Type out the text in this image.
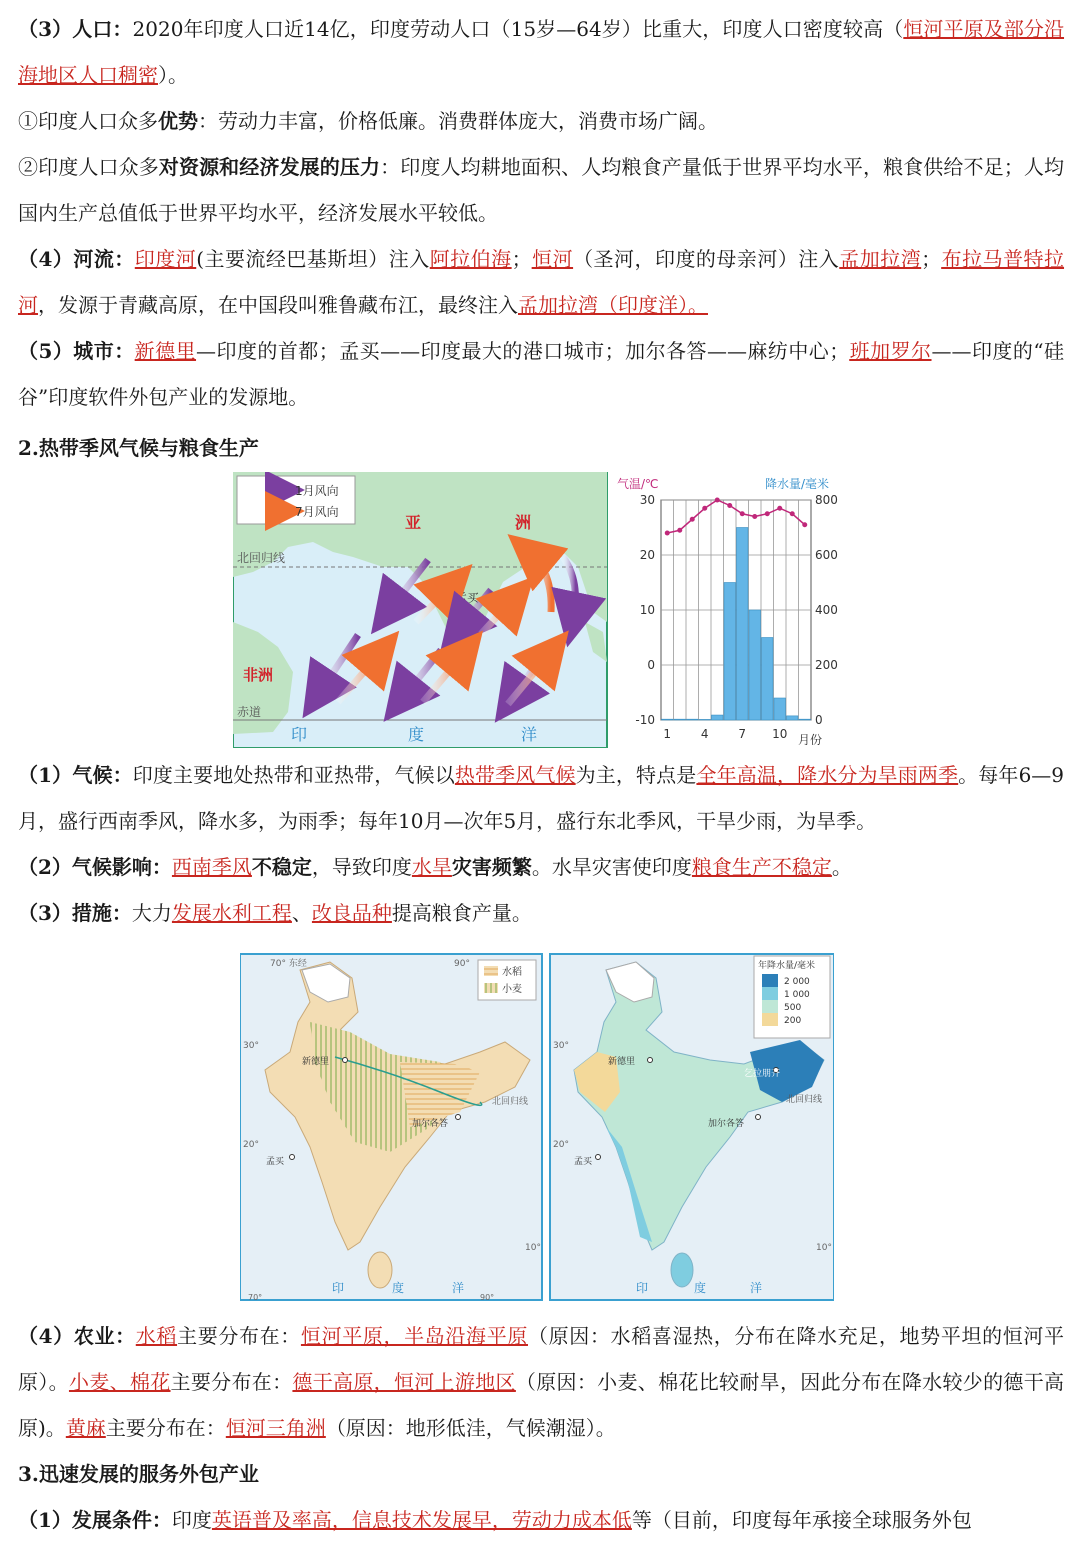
（3）人口：2020年印度人口近14亿，印度劳动人口（15岁—64岁）比重大，印度人口密度较高（恒河平原及部分沿海地区人口稠密）。

①印度人口众多优势：劳动力丰富，价格低廉。消费群体庞大，消费市场广阔。

②印度人口众多对资源和经济发展的压力：印度人均耕地面积、人均粮食产量低于世界平均水平，粮食供给不足；人均国内生产总值低于世界平均水平，经济发展水平较低。

（4）河流：印度河(主要流经巴基斯坦）注入阿拉伯海；恒河（圣河，印度的母亲河）注入孟加拉湾；布拉马普特拉河，发源于青藏高原，在中国段叫雅鲁藏布江，最终注入孟加拉湾（印度洋）。

（5）城市：新德里—印度的首都；孟买——印度最大的港口城市；加尔各答——麻纺中心；班加罗尔——印度的“硅谷”印度软件外包产业的发源地。

2.热带季风气候与粮食生产

1月风向
7月风向
亚	洲
非洲
北回归线
赤道
孟买
印	度	洋
气温/℃	降水量/毫米
月份
-10
0
10
20
30
0
200
400
600
800
1 4 7 10

（1）气候：印度主要地处热带和亚热带，气候以热带季风气候为主，特点是全年高温，降水分为旱雨两季。每年6—9月，盛行西南季风，降水多，为雨季；每年10月—次年5月，盛行东北季风，干旱少雨，为旱季。

（2）气候影响：西南季风不稳定，导致印度水旱灾害频繁。水旱灾害使印度粮食生产不稳定。

（3）措施：大力发展水利工程、改良品种提高粮食产量。

水稻
小麦
70° 东经	90°
30°
20°
10°
新德里
加尔各答
孟买
北回归线
印	度	洋
70°	90°
年降水量/毫米
2 000
1 000
500
200
新德里
加尔各答
孟买
乞拉朋齐
北回归线
30°
20°
10°
印	度	洋

（4）农业：水稻主要分布在：恒河平原，半岛沿海平原（原因：水稻喜湿热，分布在降水充足，地势平坦的恒河平原）。小麦、棉花主要分布在：德干高原，恒河上游地区（原因：小麦、棉花比较耐旱，因此分布在降水较少的德干高原)。黄麻主要分布在：恒河三角洲（原因：地形低洼，气候潮湿）。

3.迅速发展的服务外包产业

（1）发展条件：印度英语普及率高，信息技术发展早，劳动力成本低等（目前，印度每年承接全球服务外包
